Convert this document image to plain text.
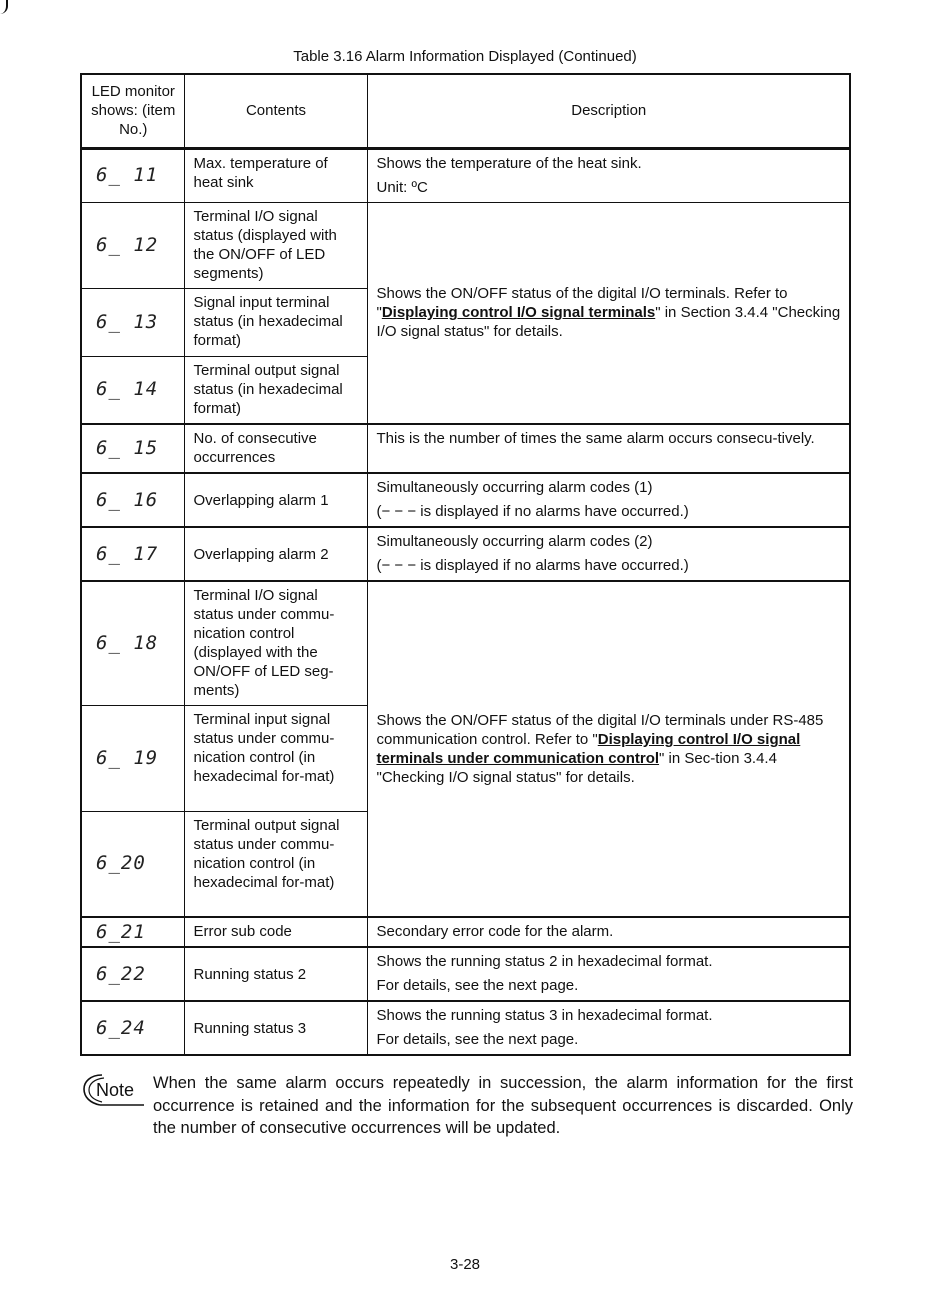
Table 3.16 Alarm Information Displayed (Continued)
LED monitor shows: (item No.)	Contents	Description
6_ 11	Max. temperature of heat sink	Shows the temperature of the heat sink.

Unit: ºC

6_ 12	Terminal I/O signal status (displayed with the ON/OFF of LED segments)	Shows the ON/OFF status of the digital I/O terminals. Refer to "Displaying control I/O signal terminals" in Section 3.4.4 "Checking I/O signal status" for details.
6_ 13	Signal input terminal status (in hexadecimal format)	
6_ 14	Terminal output signal status (in hexadecimal format)	
6_ 15	No. of consecutive occurrences	This is the number of times the same alarm occurs consecu-tively.

6_ 16	Overlapping alarm 1	Simultaneously occurring alarm codes (1)

(− − − is displayed if no alarms have occurred.)

6_ 17	Overlapping alarm 2	Simultaneously occurring alarm codes (2)

(− − − is displayed if no alarms have occurred.)

6_ 18	Terminal I/O signal status under commu-nication control (displayed with the ON/OFF of LED seg-ments)	Shows the ON/OFF status of the digital I/O terminals under RS-485 communication control. Refer to "Displaying control I/O signal terminals under communication control" in Sec-tion 3.4.4 "Checking I/O signal status" for details.
6_ 19	Terminal input signal status under commu-nication control (in hexadecimal for-mat)	
6_20	Terminal output signal status under commu-nication control (in hexadecimal for-mat)	
6_21	Error sub code	Secondary error code for the alarm.

6_22	Running status 2	Shows the running status 2 in hexadecimal format.

For details, see the next page.

6_24	Running status 3	Shows the running status 3 in hexadecimal format.

For details, see the next page.

Note When the same alarm occurs repeatedly in succession, the alarm information for the first occurrence is retained and the information for the subsequent occurrences is discarded. Only the number of consecutive occurrences will be updated.
3-28
